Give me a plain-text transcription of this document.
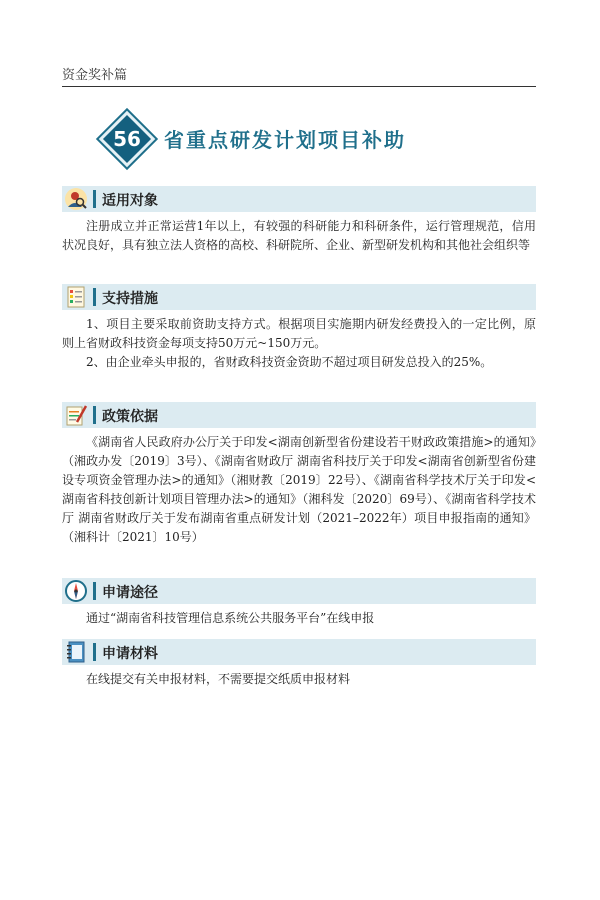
资金奖补篇
56	省重点研发计划项目补助
适用对象

注册成立并正常运营1年以上，有较强的科研能力和科研条件，运行管理规范，信用状况良好，具有独立法人资格的高校、科研院所、企业、新型研发机构和其他社会组织等

支持措施

1、项目主要采取前资助支持方式。根据项目实施期内研发经费投入的一定比例，原则上省财政科技资金每项支持50万元~150万元。

2、由企业牵头申报的，省财政科技资金资助不超过项目研发总投入的25%。

政策依据

《湖南省人民政府办公厅关于印发<湖南创新型省份建设若干财政政策措施>的通知》（湘政办发〔2019〕3号）、《湖南省财政厅 湖南省科技厅关于印发<湖南省创新型省份建设专项资金管理办法>的通知》（湘财教〔2019〕22号）、《湖南省科学技术厅关于印发<湖南省科技创新计划项目管理办法>的通知》（湘科发〔2020〕69号）、《湖南省科学技术厅 湖南省财政厅关于发布湖南省重点研发计划（2021–2022年）项目申报指南的通知》（湘科计〔2021〕10号）

申请途径

通过“湖南省科技管理信息系统公共服务平台”在线申报

申请材料

在线提交有关申报材料，不需要提交纸质申报材料
